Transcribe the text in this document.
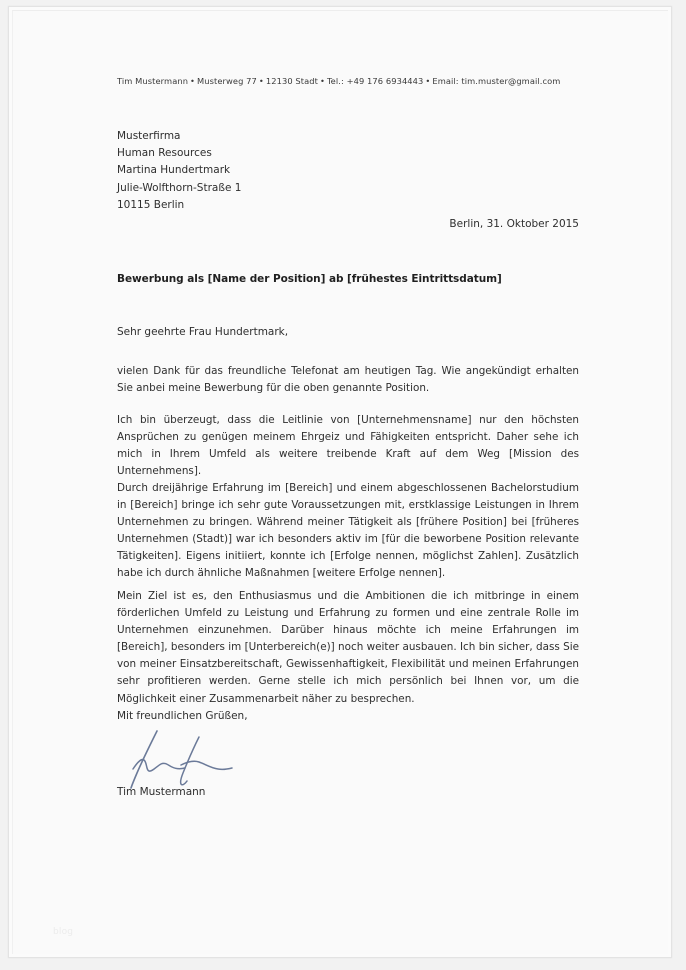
Tim Mustermann • Musterweg 77 • 12130 Stadt • Tel.: +49 176 6934443 • Email: tim.muster@gmail.com
Musterfirma
Human Resources
Martina Hundertmark
Julie-Wolfthorn-Straße 1
10115 Berlin
Berlin, 31. Oktober 2015
Bewerbung als [Name der Position] ab [frühestes Eintrittsdatum]
Sehr geehrte Frau Hundertmark,
vielen Dank für das freundliche Telefonat am heutigen Tag. Wie angekündigt erhalten Sie anbei meine Bewerbung für die oben genannte Position.
Ich bin überzeugt, dass die Leitlinie von [Unternehmensname] nur den höchsten Ansprüchen zu genügen meinem Ehrgeiz und Fähigkeiten entspricht. Daher sehe ich mich in Ihrem Umfeld als weitere treibende Kraft auf dem Weg [Mission des Unternehmens].
Durch dreijährige Erfahrung im [Bereich] und einem abgeschlossenen Bachelorstudium in [Bereich] bringe ich sehr gute Voraussetzungen mit, erstklassige Leistungen in Ihrem Unternehmen zu bringen. Während meiner Tätigkeit als [frühere Position] bei [früheres Unternehmen (Stadt)] war ich besonders aktiv im [für die beworbene Position relevante Tätigkeiten]. Eigens initiiert, konnte ich [Erfolge nennen, möglichst Zahlen]. Zusätzlich habe ich durch ähnliche Maßnahmen [weitere Erfolge nennen].
Mein Ziel ist es, den Enthusiasmus und die Ambitionen die ich mitbringe in einem förderlichen Umfeld zu Leistung und Erfahrung zu formen und eine zentrale Rolle im Unternehmen einzunehmen. Darüber hinaus möchte ich meine Erfahrungen im [Bereich], besonders im [Unterbereich(e)] noch weiter ausbauen. Ich bin sicher, dass Sie von meiner Einsatzbereitschaft, Gewissenhaftigkeit, Flexibilität und meinen Erfahrungen sehr profitieren werden. Gerne stelle ich mich persönlich bei Ihnen vor, um die Möglichkeit einer Zusammenarbeit näher zu besprechen.
Mit freundlichen Grüßen,
Tim Mustermann
blog
